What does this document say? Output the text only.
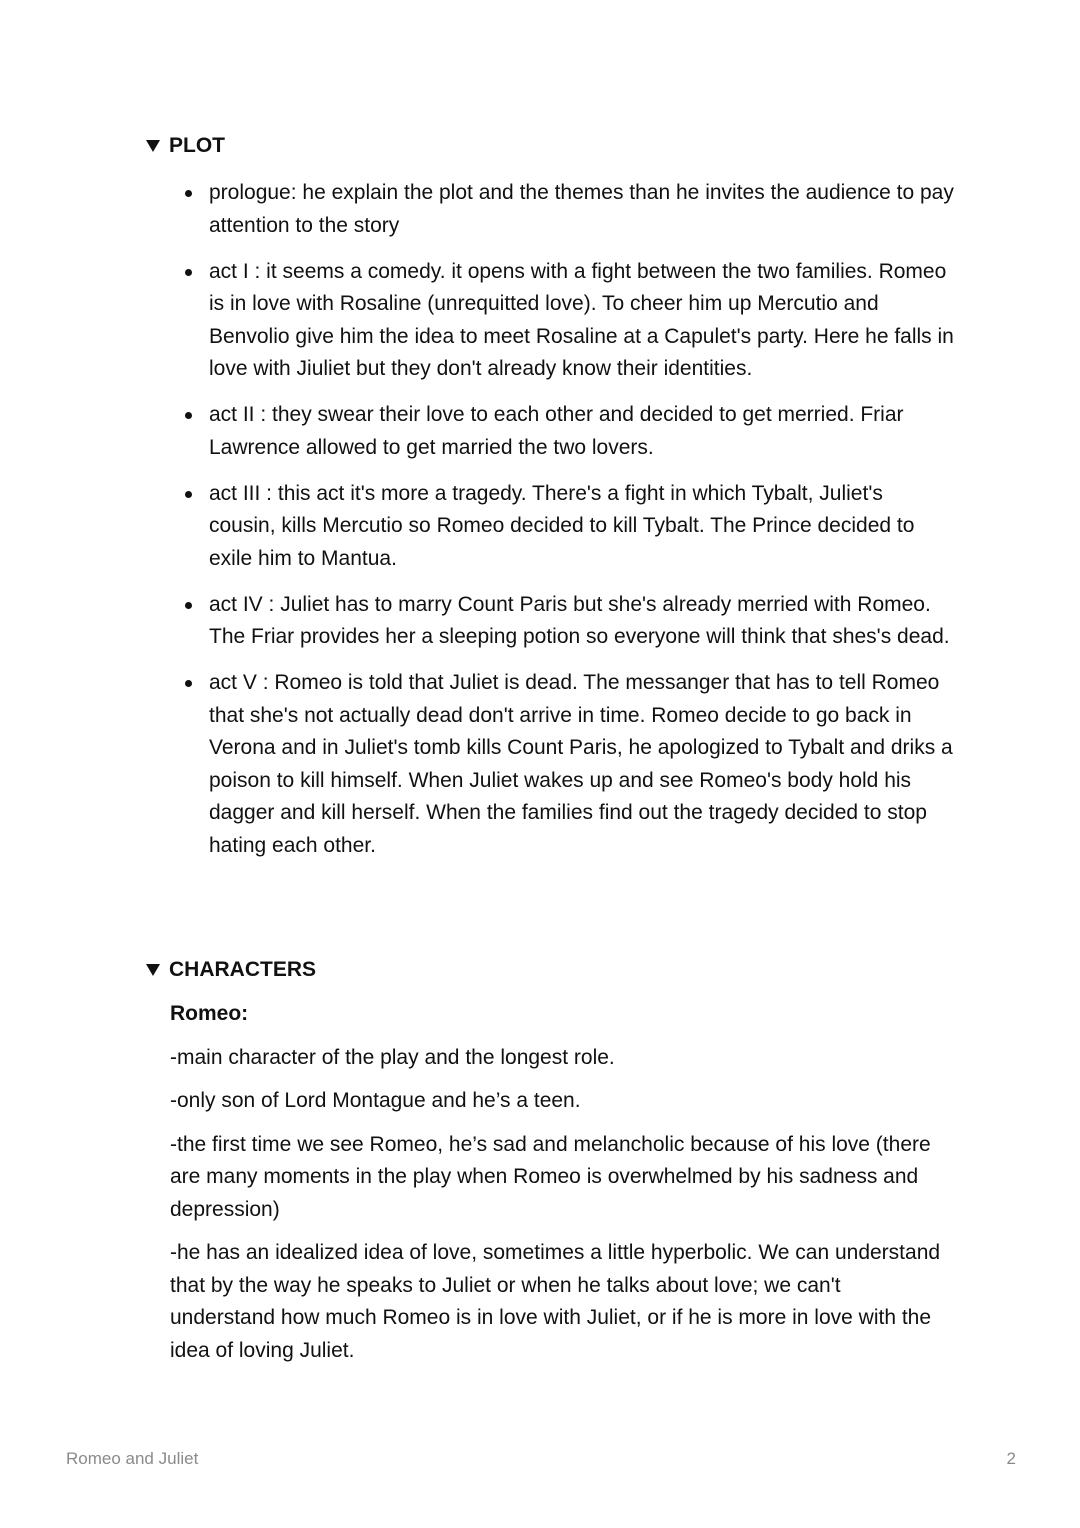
PLOT
prologue: he explain the plot and the themes than he invites the audience to pay attention to the story
act I : it seems a comedy. it opens with a fight between the two families. Romeo is in love with Rosaline (unrequitted love). To cheer him up Mercutio and Benvolio give him the idea to meet Rosaline at a Capulet's party. Here he falls in love with Jiuliet but they don't already know their identities.
act II : they swear their love to each other and decided to get merried. Friar Lawrence allowed to get married the two lovers.
act III : this act it's more a tragedy. There's a fight in which Tybalt, Juliet's cousin, kills Mercutio so Romeo decided to kill Tybalt. The Prince decided to exile him to Mantua.
act IV : Juliet has to marry Count Paris but she's already merried with Romeo. The Friar provides her a sleeping potion so everyone will think that shes's dead.
act V : Romeo is told that Juliet is dead. The messanger that has to tell Romeo that she's not actually dead don't arrive in time. Romeo decide to go back in Verona and in Juliet's tomb kills Count Paris, he apologized to Tybalt and driks a poison to kill himself. When Juliet wakes up and see Romeo's body hold his dagger and kill herself. When the families find out the tragedy decided to stop hating each other.
CHARACTERS

Romeo:

-main character of the play and the longest role.

-only son of Lord Montague and he’s a teen.

-the first time we see Romeo, he’s sad and melancholic because of his love (there are many moments in the play when Romeo is overwhelmed by his sadness and depression)

-he has an idealized idea of love, sometimes a little hyperbolic. We can understand that by the way he speaks to Juliet or when he talks about love; we can't understand how much Romeo is in love with Juliet, or if he is more in love with the idea of loving Juliet.

Romeo and Juliet	2
